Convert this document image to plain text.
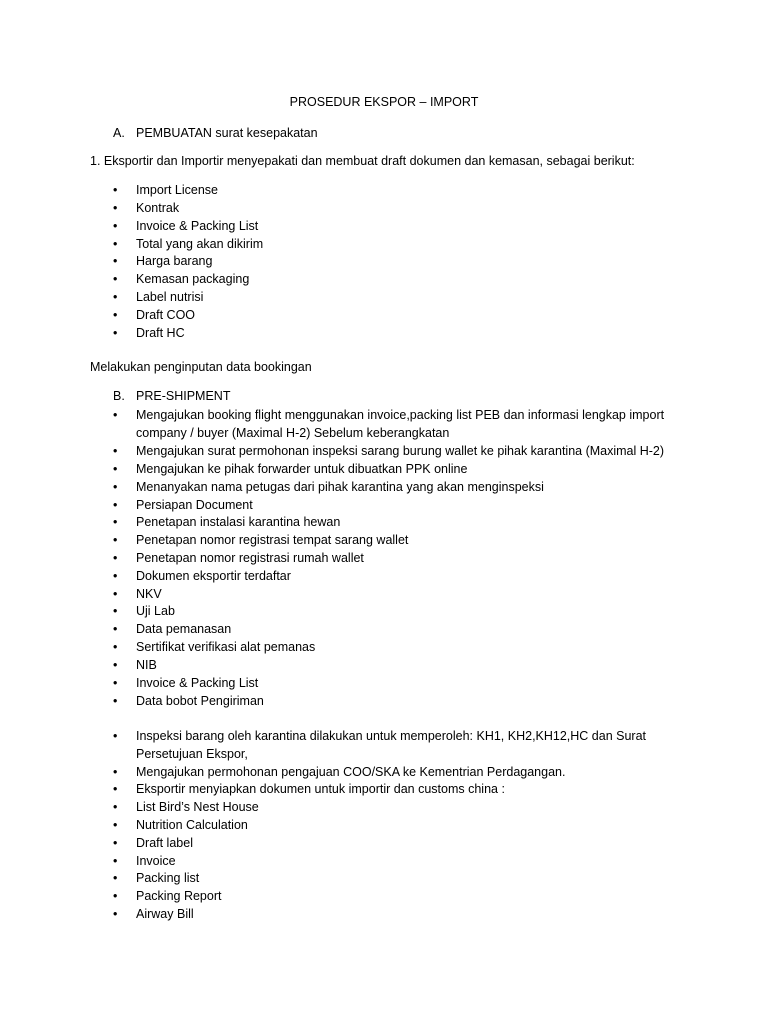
PROSEDUR EKSPOR – IMPORT
A. PEMBUATAN surat kesepakatan
1. Eksportir dan Importir menyepakati dan membuat draft dokumen dan kemasan, sebagai berikut:
•	Import License
•	Kontrak
•	Invoice & Packing List
•	Total yang akan dikirim
•	Harga barang
•	Kemasan packaging
•	Label nutrisi
•	Draft COO
•	Draft HC
Melakukan penginputan data bookingan
B. PRE-SHIPMENT
•	Mengajukan booking flight menggunakan invoice,packing list PEB dan informasi lengkap import
company / buyer (Maximal H-2) Sebelum keberangkatan
•	Mengajukan surat permohonan inspeksi sarang burung wallet ke pihak karantina (Maximal H-2)
•	Mengajukan ke pihak forwarder untuk dibuatkan PPK online
•	Menanyakan nama petugas dari pihak karantina yang akan menginspeksi
•	Persiapan Document
•	Penetapan instalasi karantina hewan
•	Penetapan nomor registrasi tempat sarang wallet
•	Penetapan nomor registrasi rumah wallet
•	Dokumen eksportir terdaftar
•	NKV
•	Uji Lab
•	Data pemanasan
•	Sertifikat verifikasi alat pemanas
•	NIB
•	Invoice & Packing List
•	Data bobot Pengiriman
•	Inspeksi barang oleh karantina dilakukan untuk memperoleh: KH1, KH2,KH12,HC dan Surat
Persetujuan Ekspor,
•	Mengajukan permohonan pengajuan COO/SKA ke Kementrian Perdagangan.
•	Eksportir menyiapkan dokumen untuk importir dan customs china :
•	List Bird’s Nest House
•	Nutrition Calculation
•	Draft label
•	Invoice
•	Packing list
•	Packing Report
•	Airway Bill
